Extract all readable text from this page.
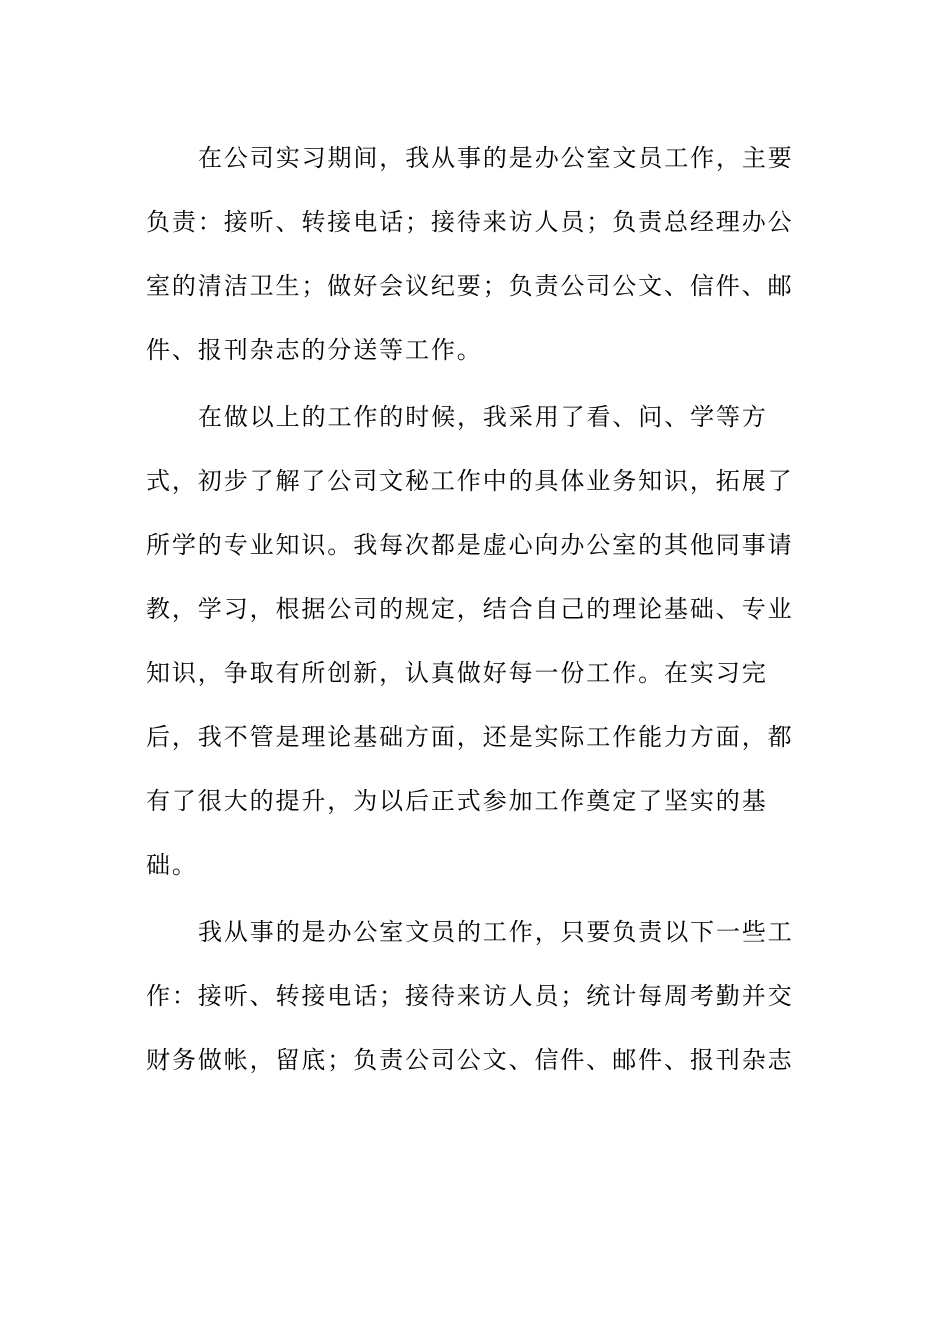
在公司实习期间，我从事的是办公室文员工作，主要
负责：接听、转接电话；接待来访人员；负责总经理办公
室的清洁卫生；做好会议纪要；负责公司公文、信件、邮
件、报刊杂志的分送等工作。
在做以上的工作的时候，我采用了看、问、学等方
式，初步了解了公司文秘工作中的具体业务知识，拓展了
所学的专业知识。我每次都是虚心向办公室的其他同事请
教，学习，根据公司的规定，结合自己的理论基础、专业
知识，争取有所创新，认真做好每一份工作。在实习完
后，我不管是理论基础方面，还是实际工作能力方面，都
有了很大的提升，为以后正式参加工作奠定了坚实的基
础。
我从事的是办公室文员的工作，只要负责以下一些工
作：接听、转接电话；接待来访人员；统计每周考勤并交
财务做帐，留底；负责公司公文、信件、邮件、报刊杂志
